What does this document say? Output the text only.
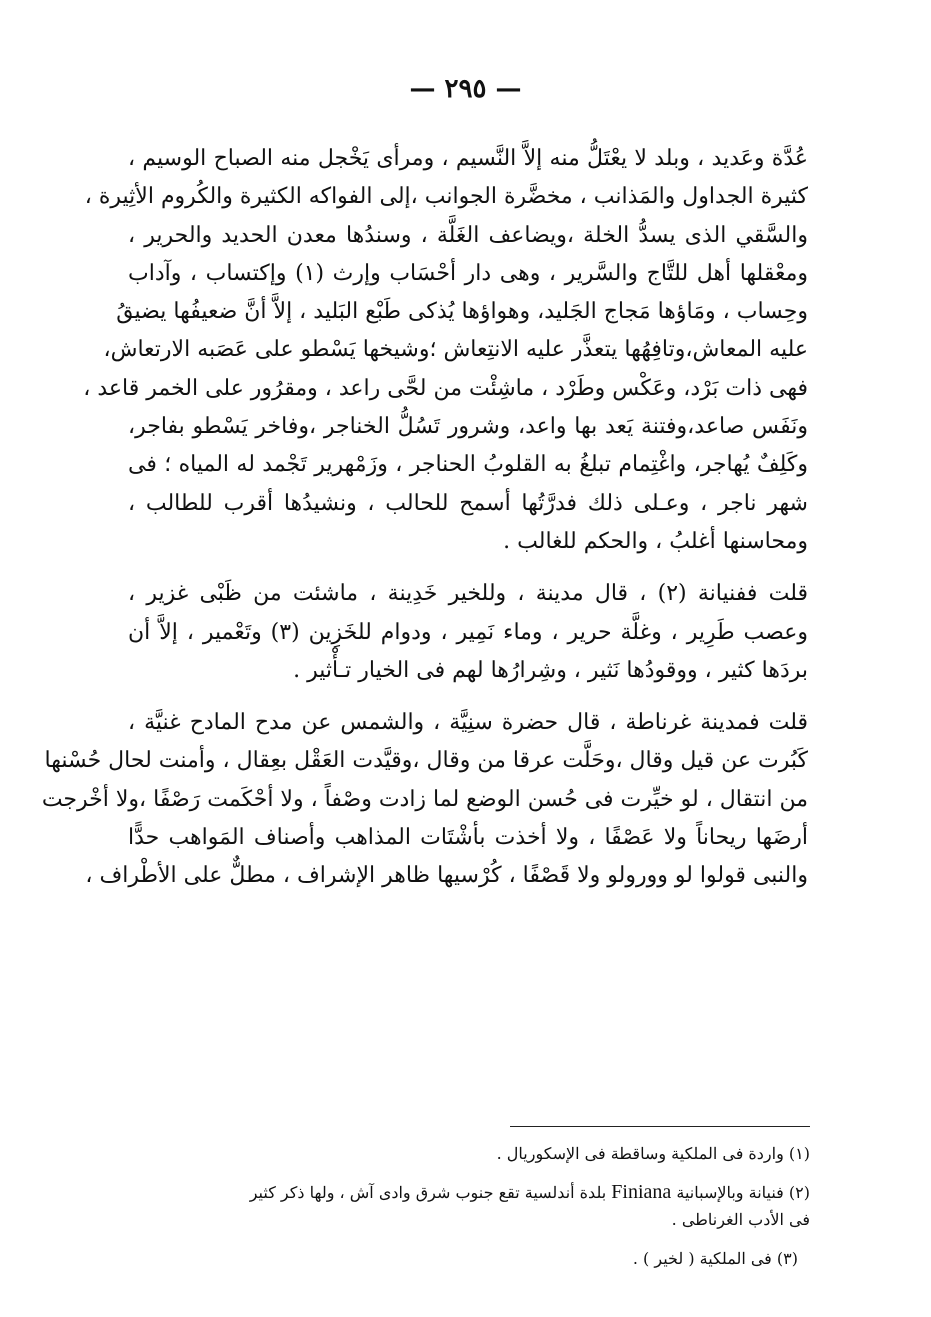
— ٢٩٥ —
عُدَّة وعَديد ، وبلد لا يعْتَلُّ منه إلاَّ النَّسيم ، ومرأى يَخْجل منه الصباح الوسيم ،
كثيرة الجداول والمَذانب ، مخضَّرة الجوانب ،إلى الفواكه الكثيرة والكُروم الأثِيرة ،
والسَّقي الذى يسدُّ الخلة ،ويضاعف الغَلَّة ، وسندُها معدن الحديد والحرير ،
ومعْقلها أهل للتَّاج والسَّرير ، وهى دار أحْسَاب وإرث (١) وإكتساب ، وآداب
وحِساب ، ومَاؤها مَجاج الجَليد، وهواؤها يُذكى طَبْع البَليد ، إلاَّ أنَّ ضعيفُها يضيقُ
عليه المعاش،وتافِهُها يتعذَّر عليه الانتِعاش ؛وشيخها يَسْطو على عَصَبه الارتعاش،
فهى ذات بَرْد، وعَكْس وطَرْد ، ماشِئْت من لحَّى راعد ، ومقرُور على الخمر قاعد ،
ونَفَس صاعد،وفتنة يَعد بها واعد، وشرور تَسُلُّ الخناجر ،وفاخر يَسْطو بفاجر،
وكَلِفٌ يُهاجر، واغْتِمام تبلغُ به القلوبُ الحناجر ، وزَمْهرير تَجْمد له المياه ؛ فى
شهر ناجر ، وعـلى ذلك فدرَّتُها أسمح للحالب ، ونشيدُها أقرب للطالب ،
ومحاسنها أغلبُ ، والحكم للغالب .
قلت ففنيانة (٢) ، قال مدينة ، وللخير خَدِينة ، ماشئت من ظَبْى غزير ،
وعصب طَرِير ، وغلَّة حرير ، وماء نَمِير ، ودوام للخَزِين (٣) وتَعْمير ، إلاَّ أن
بردَها كثير ، ووقودُها نَثير ، وشِرارُها لهم فى الخيار تـأْثير .
قلت فمدينة غرناطة ، قال حضرة سنِيَّة ، والشمس عن مدح المادح غنيَّة ،
كَبُرت عن قيل وقال ،وحَلَّت عرقا من وقال ،وقيَّدت العَقْل بعِقال ، وأمنت لحال حُسْنها
من انتقال ، لو خيِّرت فى حُسن الوضع لما زادت وصْفاً ، ولا أحْكَمت رَصْفًا ،ولا أخْرجت
أرضَها ريحاناً ولا عَصْفًا ، ولا أخذت بأشْتَات المذاهب وأصناف المَواهب حدًّا
والنبى قولوا لو وورولو ولا قَصْفًا ، كُرْسيها ظاهر الإشراف ، مطلٌّ على الأطْراف ،
(١) واردة فى الملكية وساقطة فى الإسكوريال .
(٢) فنيانة وبالإسبانية Finiana بلدة أندلسية تقع جنوب شرق وادى آش ، ولها ذكر كثير
فى الأدب الغرناطى .
(٣) فى الملكية ( لخير ) .
